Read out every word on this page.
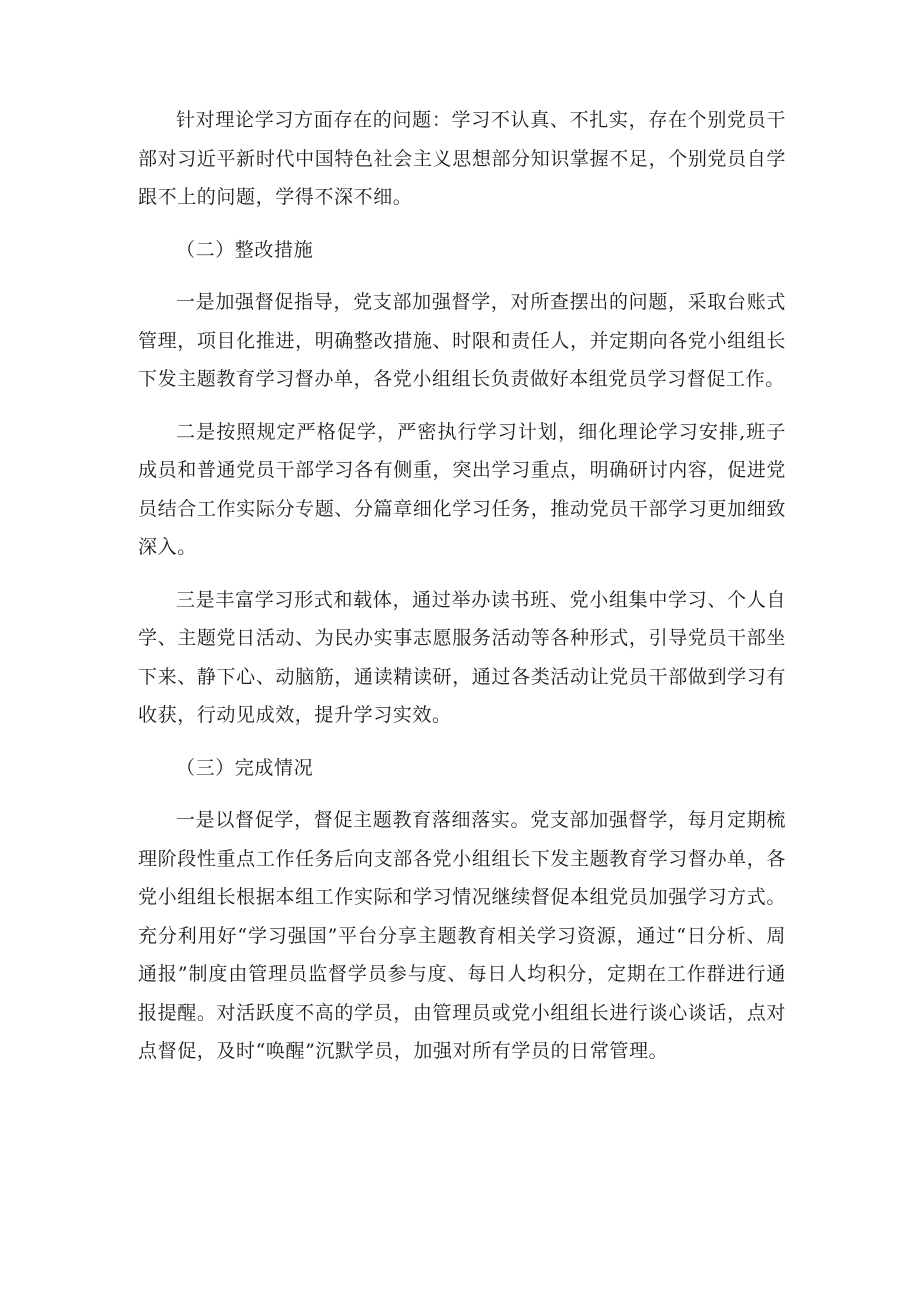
针对理论学习方面存在的问题：学习不认真、不扎实，存在个别党员干部对习近平新时代中国特色社会主义思想部分知识掌握不足，个别党员自学跟不上的问题，学得不深不细。

（二）整改措施

一是加强督促指导，党支部加强督学，对所查摆出的问题，采取台账式管理，项目化推进，明确整改措施、时限和责任人，并定期向各党小组组长下发主题教育学习督办单，各党小组组长负责做好本组党员学习督促工作。

二是按照规定严格促学，严密执行学习计划，细化理论学习安排,班子成员和普通党员干部学习各有侧重，突出学习重点，明确研讨内容，促进党员结合工作实际分专题、分篇章细化学习任务，推动党员干部学习更加细致深入。

三是丰富学习形式和载体，通过举办读书班、党小组集中学习、个人自学、主题党日活动、为民办实事志愿服务活动等各种形式，引导党员干部坐下来、静下心、动脑筋，通读精读研，通过各类活动让党员干部做到学习有收获，行动见成效，提升学习实效。

（三）完成情况

一是以督促学，督促主题教育落细落实。党支部加强督学，每月定期梳理阶段性重点工作任务后向支部各党小组组长下发主题教育学习督办单，各党小组组长根据本组工作实际和学习情况继续督促本组党员加强学习方式。充分利用好“学习强国”平台分享主题教育相关学习资源，通过“日分析、周通报”制度由管理员监督学员参与度、每日人均积分，定期在工作群进行通报提醒。对活跃度不高的学员，由管理员或党小组组长进行谈心谈话，点对点督促，及时“唤醒”沉默学员，加强对所有学员的日常管理。
